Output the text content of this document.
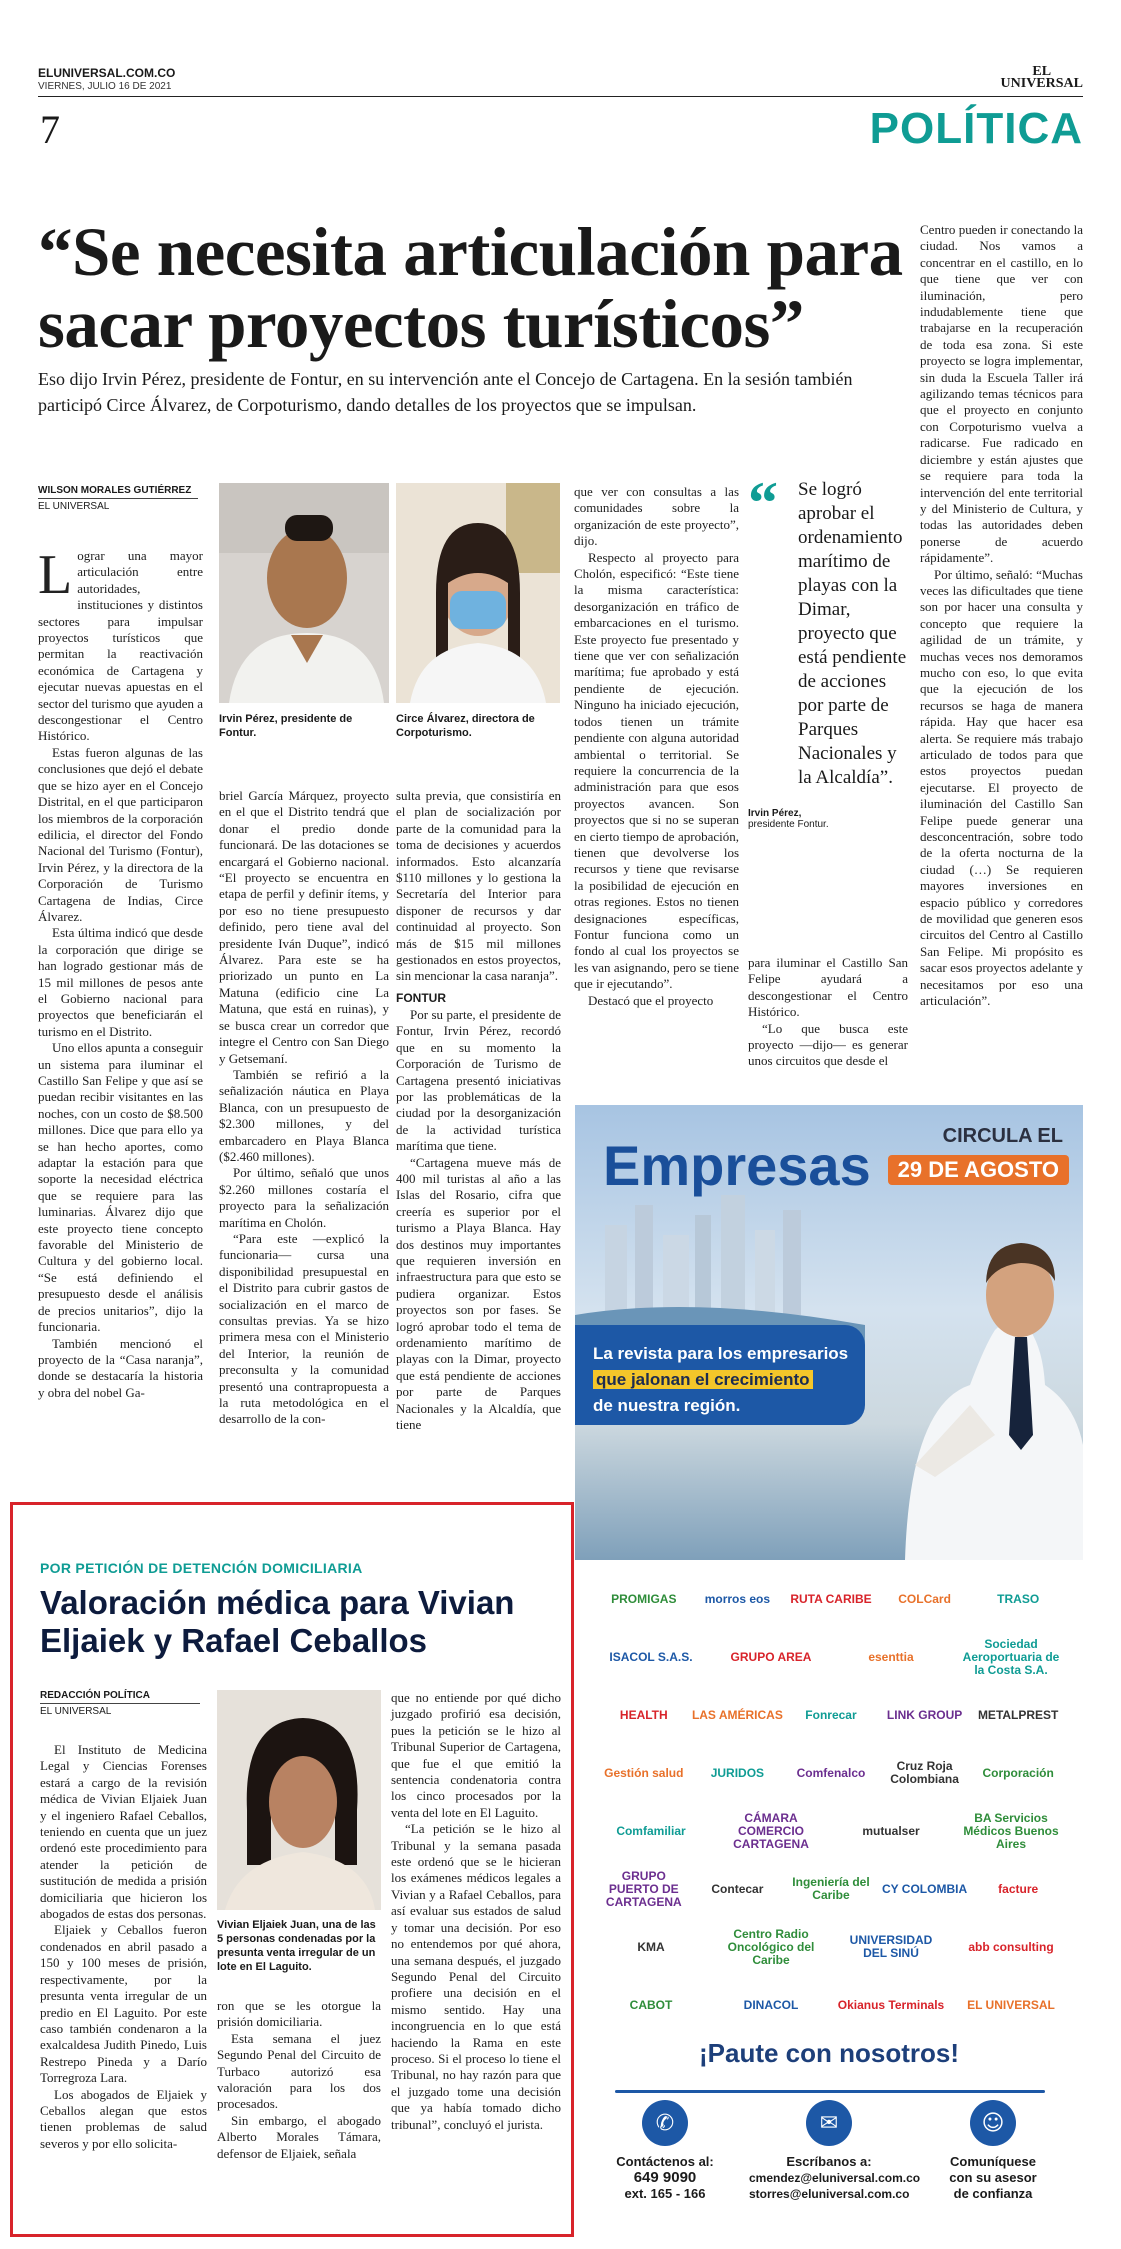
ELUNIVERSAL.COM.CO
VIERNES, JULIO 16 DE 2021
EL
UNIVERSAL
7	POLÍTICA
“Se necesita articulación para sacar proyectos turísticos”
Eso dijo Irvin Pérez, presidente de Fontur, en su intervención ante el Concejo de Cartagena. En la sesión también participó Circe Álvarez, de Corpoturismo, dando detalles de los proyectos que se impulsan.
WILSON MORALES GUTIÉRREZ
EL UNIVERSAL

Lograr una mayor articulación entre autoridades, instituciones y distintos sectores para impulsar proyectos turísticos que permitan la reactivación económica de Cartagena y ejecutar nuevas apuestas en el sector del turismo que ayuden a descongestionar el Centro Histórico.

Estas fueron algunas de las conclusiones que dejó el debate que se hizo ayer en el Concejo Distrital, en el que participaron los miembros de la corporación edilicia, el director del Fondo Nacional del Turismo (Fontur), Irvin Pérez, y la directora de la Corporación de Turismo Cartagena de Indias, Circe Álvarez.

Esta última indicó que desde la corporación que dirige se han logrado gestionar más de 15 mil millones de pesos ante el Gobierno nacional para proyectos que beneficiarán el turismo en el Distrito.

Uno ellos apunta a conseguir un sistema para iluminar el Castillo San Felipe y que así se puedan recibir visitantes en las noches, con un costo de $8.500 millones. Dice que para ello ya se han hecho aportes, como adaptar la estación para que soporte la necesidad eléctrica que se requiere para las luminarias. Álvarez dijo que este proyecto tiene concepto favorable del Ministerio de Cultura y del gobierno local. “Se está definiendo el presupuesto desde el análisis de precios unitarios”, dijo la funcionaria.

También mencionó el proyecto de la “Casa naranja”, donde se destacaría la historia y obra del nobel Ga-

Irvin Pérez, presidente de Fontur.
Circe Álvarez, directora de Corpoturismo.

briel García Márquez, proyecto en el que el Distrito tendrá que donar el predio donde funcionará. De las dotaciones se encargará el Gobierno nacional. “El proyecto se encuentra en etapa de perfil y definir ítems, y por eso no tiene presupuesto definido, pero tiene aval del presidente Iván Duque”, indicó Álvarez. Para este se ha priorizado un punto en La Matuna (edificio cine La Matuna, que está en ruinas), y se busca crear un corredor que integre el Centro con San Diego y Getsemaní.

También se refirió a la señalización náutica en Playa Blanca, con un presupuesto de $2.300 millones, y del embarcadero en Playa Blanca ($2.460 millones).

Por último, señaló que unos $2.260 millones costaría el proyecto para la señalización marítima en Cholón.

“Para este —explicó la funcionaria— cursa una disponibilidad presupuestal en el Distrito para cubrir gastos de socialización en el marco de consultas previas. Ya se hizo primera mesa con el Ministerio del Interior, la reunión de preconsulta y la comunidad presentó una contrapropuesta a la ruta metodológica en el desarrollo de la con-

sulta previa, que consistiría en el plan de socialización por parte de la comunidad para la toma de decisiones y acuerdos informados. Esto alcanzaría $110 millones y lo gestiona la Secretaría del Interior para disponer de recursos y dar continuidad al proyecto. Son más de $15 mil millones gestionados en estos proyectos, sin mencionar la casa naranja”.

FONTUR

Por su parte, el presidente de Fontur, Irvin Pérez, recordó que en su momento la Corporación de Turismo de Cartagena presentó iniciativas por las problemáticas de la ciudad por la desorganización de la actividad turística marítima que tiene.

“Cartagena mueve más de 400 mil turistas al año a las Islas del Rosario, cifra que creería es superior por el turismo a Playa Blanca. Hay dos destinos muy importantes que requieren inversión en infraestructura para que esto se pudiera organizar. Estos proyectos son por fases. Se logró aprobar todo el tema de ordenamiento marítimo de playas con la Dimar, proyecto que está pendiente de acciones por parte de Parques Nacionales y la Alcaldía, que tiene

que ver con consultas a las comunidades sobre la organización de este proyecto”, dijo.

Respecto al proyecto para Cholón, especificó: “Este tiene la misma característica: desorganización en tráfico de embarcaciones en el turismo. Este proyecto fue presentado y tiene que ver con señalización marítima; fue aprobado y está pendiente de ejecución. Ninguno ha iniciado ejecución, todos tienen un trámite pendiente con alguna autoridad ambiental o territorial. Se requiere la concurrencia de la administración para que esos proyectos avancen. Son proyectos que si no se superan en cierto tiempo de aprobación, tienen que devolverse los recursos y tiene que revisarse la posibilidad de ejecución en otras regiones. Estos no tienen designaciones específicas, Fontur funciona como un fondo al cual los proyectos se les van asignando, pero se tiene que ir ejecutando”.

Destacó que el proyecto

“ Se logró aprobar el ordenamiento marítimo de playas con la Dimar, proyecto que está pendiente de acciones por parte de Parques Nacionales y la Alcaldía”.
Irvin Pérez,
presidente Fontur.

para iluminar el Castillo San Felipe ayudará a descongestionar el Centro Histórico.

“Lo que busca este proyecto —dijo— es generar unos circuitos que desde el

Centro pueden ir conectando la ciudad. Nos vamos a concentrar en el castillo, en lo que tiene que ver con iluminación, pero indudablemente tiene que trabajarse en la recuperación de toda esa zona. Si este proyecto se logra implementar, sin duda la Escuela Taller irá agilizando temas técnicos para que el proyecto en conjunto con Corpoturismo vuelva a radicarse. Fue radicado en diciembre y están ajustes que se requiere para toda la intervención del ente territorial y del Ministerio de Cultura, y todas las autoridades deben ponerse de acuerdo rápidamente”.

Por último, señaló: “Muchas veces las dificultades que tiene son por hacer una consulta y concepto que requiere la agilidad de un trámite, y muchas veces nos demoramos mucho con eso, lo que evita que la ejecución de los recursos se haga de manera rápida. Hay que hacer esa alerta. Se requiere más trabajo articulado de todos para que estos proyectos puedan ejecutarse. El proyecto de iluminación del Castillo San Felipe puede generar una desconcentración, sobre todo de la oferta nocturna de la ciudad (…) Se requieren mayores inversiones en espacio público y corredores de movilidad que generen esos circuitos del Centro al Castillo San Felipe. Mi propósito es sacar esos proyectos adelante y necesitamos por eso una articulación”.

POR PETICIÓN DE DETENCIÓN DOMICILIARIA
Valoración médica para Vivian Eljaiek y Rafael Ceballos
REDACCIÓN POLÍTICA
EL UNIVERSAL

El Instituto de Medicina Legal y Ciencias Forenses estará a cargo de la revisión médica de Vivian Eljaiek Juan y el ingeniero Rafael Ceballos, teniendo en cuenta que un juez ordenó este procedimiento para atender la petición de sustitución de medida a prisión domiciliaria que hicieron los abogados de estas dos personas.

Eljaiek y Ceballos fueron condenados en abril pasado a 150 y 100 meses de prisión, respectivamente, por la presunta venta irregular de un predio en El Laguito. Por este caso también condenaron a la exalcaldesa Judith Pinedo, Luis Restrepo Pineda y a Darío Torregroza Lara.

Los abogados de Eljaiek y Ceballos alegan que estos tienen problemas de salud severos y por ello solicita-

Vivian Eljaiek Juan, una de las 5 personas condenadas por la presunta venta irregular de un lote en El Laguito.

ron que se les otorgue la prisión domiciliaria.

Esta semana el juez Segundo Penal del Circuito de Turbaco autorizó esa valoración para los dos procesados.

Sin embargo, el abogado Alberto Morales Támara, defensor de Eljaiek, señala

que no entiende por qué dicho juzgado profirió esa decisión, pues la petición se le hizo al Tribunal Superior de Cartagena, que fue el que emitió la sentencia condenatoria contra los cinco procesados por la venta del lote en El Laguito.

“La petición se le hizo al Tribunal y la semana pasada este ordenó que se le hicieran los exámenes médicos legales a Vivian y a Rafael Ceballos, para así evaluar sus estados de salud y tomar una decisión. Por eso no entendemos por qué ahora, una semana después, el juzgado Segundo Penal del Circuito profiere una decisión en el mismo sentido. Hay una incongruencia en lo que está haciendo la Rama en este proceso. Si el proceso lo tiene el Tribunal, no hay razón para que el juzgado tome una decisión que ya había tomado dicho tribunal”, concluyó el jurista.

Empresas	CIRCULA EL
29 DE AGOSTO
La revista para los empresarios
que jalonan el crecimiento
de nuestra región.
PROMIGAS	morros eos	RUTA CARIBE	COLCard	TRASO
ISACOL S.A.S.	GRUPO AREA	esenttia
Sociedad Aeroportuaria de la Costa S.A.
HEALTH	LAS AMÉRICAS	Fonrecar	LINK GROUP	METALPREST
Gestión salud	JURIDOS	Comfenalco	Cruz Roja Colombiana	Corporación
Comfamiliar
CÁMARA COMERCIO CARTAGENA
mutualser
BA Servicios Médicos Buenos Aires
GRUPO PUERTO DE CARTAGENA
Contecar	Ingeniería del Caribe	CY COLOMBIA	facture
KMA
Centro Radio Oncológico del Caribe
UNIVERSIDAD DEL SINÚ	abb consulting
CABOT	DINACOL	Okianus Terminals	EL UNIVERSAL
¡Paute con nosotros!
✆
Contáctenos al:
649 9090
ext. 165 - 166
✉
Escríbanos a:
cmendez@eluniversal.com.co
storres@eluniversal.com.co
☺
Comuníquese
con su asesor
de confianza
